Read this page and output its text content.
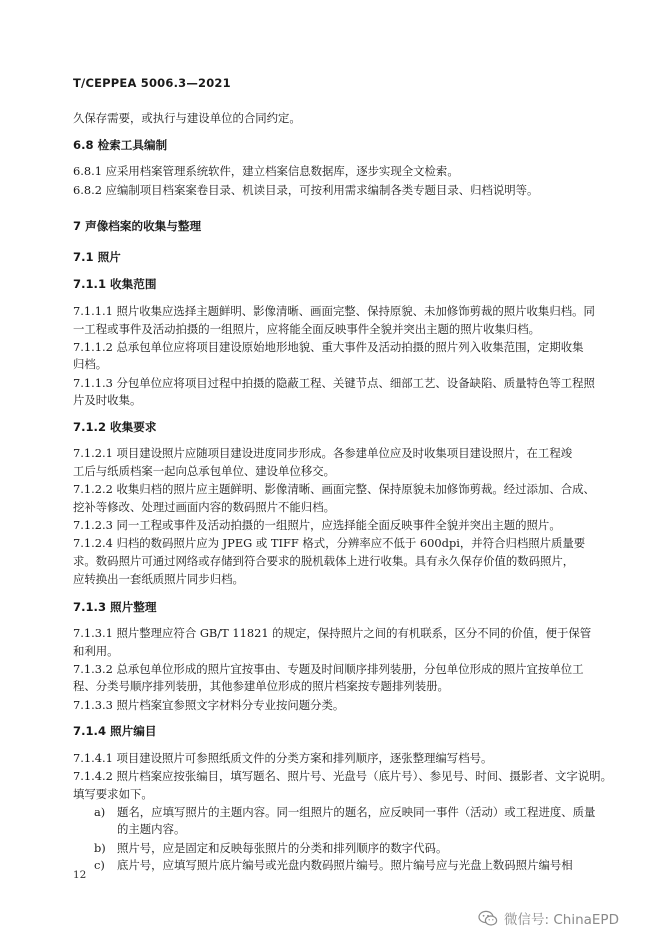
T/CEPPEA 5006.3—2021
久保存需要，或执行与建设单位的合同约定。
6.8 检索工具编制
6.8.1 应采用档案管理系统软件，建立档案信息数据库，逐步实现全文检索。
6.8.2 应编制项目档案案卷目录、机读目录，可按利用需求编制各类专题目录、归档说明等。
7 声像档案的收集与整理
7.1 照片
7.1.1 收集范围
7.1.1.1 照片收集应选择主题鲜明、影像清晰、画面完整、保持原貌、未加修饰剪裁的照片收集归档。同
一工程或事件及活动拍摄的一组照片，应将能全面反映事件全貌并突出主题的照片收集归档。
7.1.1.2 总承包单位应将项目建设原始地形地貌、重大事件及活动拍摄的照片列入收集范围，定期收集
归档。
7.1.1.3 分包单位应将项目过程中拍摄的隐蔽工程、关键节点、细部工艺、设备缺陷、质量特色等工程照
片及时收集。
7.1.2 收集要求
7.1.2.1 项目建设照片应随项目建设进度同步形成。各参建单位应及时收集项目建设照片，在工程竣
工后与纸质档案一起向总承包单位、建设单位移交。
7.1.2.2 收集归档的照片应主题鲜明、影像清晰、画面完整、保持原貌未加修饰剪裁。经过添加、合成、
挖补等修改、处理过画面内容的数码照片不能归档。
7.1.2.3 同一工程或事件及活动拍摄的一组照片，应选择能全面反映事件全貌并突出主题的照片。
7.1.2.4 归档的数码照片应为 JPEG 或 TIFF 格式，分辨率应不低于 600dpi，并符合归档照片质量要
求。数码照片可通过网络或存储到符合要求的脱机载体上进行收集。具有永久保存价值的数码照片，
应转换出一套纸质照片同步归档。
7.1.3 照片整理
7.1.3.1 照片整理应符合 GB/T 11821 的规定，保持照片之间的有机联系，区分不同的价值，便于保管
和利用。
7.1.3.2 总承包单位形成的照片宜按事由、专题及时间顺序排列装册，分包单位形成的照片宜按单位工
程、分类号顺序排列装册，其他参建单位形成的照片档案按专题排列装册。
7.1.3.3 照片档案宜参照文字材料分专业按问题分类。
7.1.4 照片编目
7.1.4.1 项目建设照片可参照纸质文件的分类方案和排列顺序，逐张整理编写档号。
7.1.4.2 照片档案应按张编目，填写题名、照片号、光盘号（底片号）、参见号、时间、摄影者、文字说明。
填写要求如下。
a) 题名，应填写照片的主题内容。同一组照片的题名，应反映同一事件（活动）或工程进度、质量
的主题内容。
b) 照片号，应是固定和反映每张照片的分类和排列顺序的数字代码。
c) 底片号，应填写照片底片编号或光盘内数码照片编号。照片编号应与光盘上数码照片编号相
12
微信号: ChinaEPD
